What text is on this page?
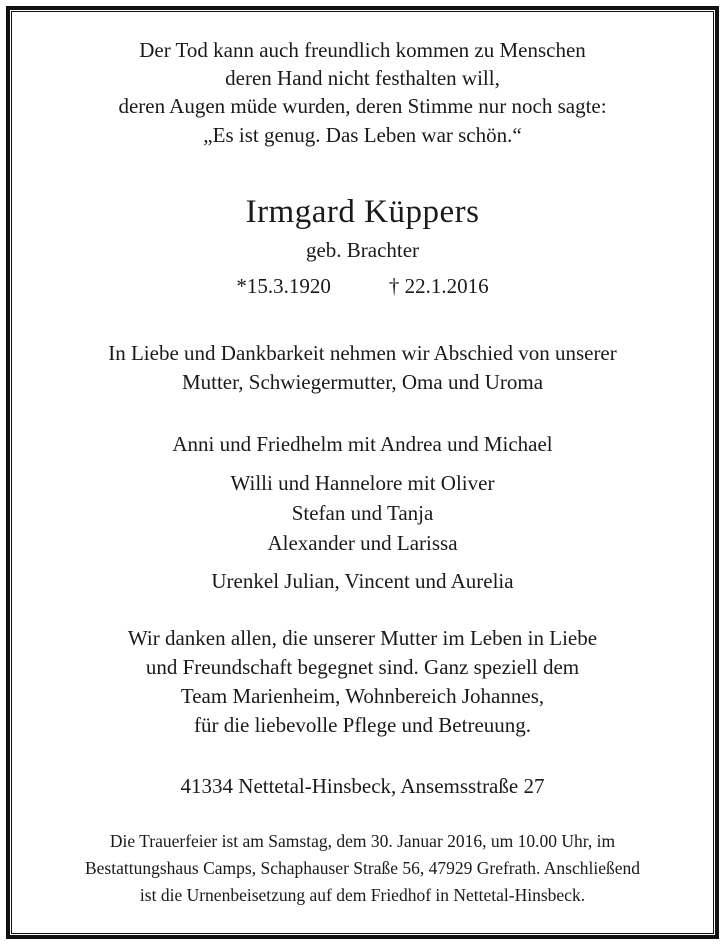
Der Tod kann auch freundlich kommen zu Menschen
deren Hand nicht festhalten will,
deren Augen müde wurden, deren Stimme nur noch sagte:
„Es ist genug. Das Leben war schön.“
Irmgard Küppers
geb. Brachter
*15.3.1920	† 22.1.2016
In Liebe und Dankbarkeit nehmen wir Abschied von unserer
Mutter, Schwiegermutter, Oma und Uroma
Anni und Friedhelm mit Andrea und Michael
Willi und Hannelore mit Oliver
Stefan und Tanja
Alexander und Larissa
Urenkel Julian, Vincent und Aurelia
Wir danken allen, die unserer Mutter im Leben in Liebe
und Freundschaft begegnet sind. Ganz speziell dem
Team Marienheim, Wohnbereich Johannes,
für die liebevolle Pflege und Betreuung.
41334 Nettetal-Hinsbeck, Ansemsstraße 27
Die Trauerfeier ist am Samstag, dem 30. Januar 2016, um 10.00 Uhr, im
Bestattungshaus Camps, Schaphauser Straße 56, 47929 Grefrath. Anschließend
ist die Urnenbeisetzung auf dem Friedhof in Nettetal-Hinsbeck.
